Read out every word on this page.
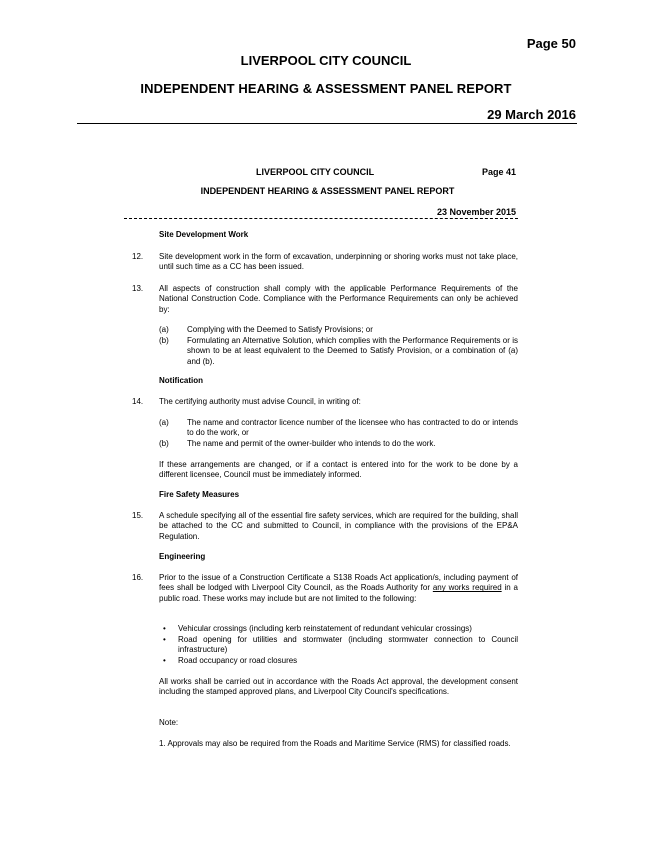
Page 50
LIVERPOOL CITY COUNCIL
INDEPENDENT HEARING & ASSESSMENT PANEL REPORT
29 March 2016
LIVERPOOL CITY COUNCIL	Page 41
INDEPENDENT HEARING & ASSESSMENT PANEL REPORT
23 November 2015
Site Development Work
12. Site development work in the form of excavation, underpinning or shoring works must not take place, until such time as a CC has been issued.
13. All aspects of construction shall comply with the applicable Performance Requirements of the National Construction Code. Compliance with the Performance Requirements can only be achieved by:
(a) Complying with the Deemed to Satisfy Provisions; or
(b) Formulating an Alternative Solution, which complies with the Performance Requirements or is shown to be at least equivalent to the Deemed to Satisfy Provision, or a combination of (a) and (b).
Notification
14. The certifying authority must advise Council, in writing of:
(a) The name and contractor licence number of the licensee who has contracted to do or intends to do the work, or
(b) The name and permit of the owner-builder who intends to do the work.
If these arrangements are changed, or if a contact is entered into for the work to be done by a different licensee, Council must be immediately informed.
Fire Safety Measures
15. A schedule specifying all of the essential fire safety services, which are required for the building, shall be attached to the CC and submitted to Council, in compliance with the provisions of the EP&A Regulation.
Engineering
16. Prior to the issue of a Construction Certificate a S138 Roads Act application/s, including payment of fees shall be lodged with Liverpool City Council, as the Roads Authority for any works required in a public road. These works may include but are not limited to the following:
• Vehicular crossings (including kerb reinstatement of redundant vehicular crossings)
• Road opening for utilities and stormwater (including stormwater connection to Council infrastructure)
• Road occupancy or road closures
All works shall be carried out in accordance with the Roads Act approval, the development consent including the stamped approved plans, and Liverpool City Council's specifications.
Note:
1. Approvals may also be required from the Roads and Maritime Service (RMS) for classified roads.
